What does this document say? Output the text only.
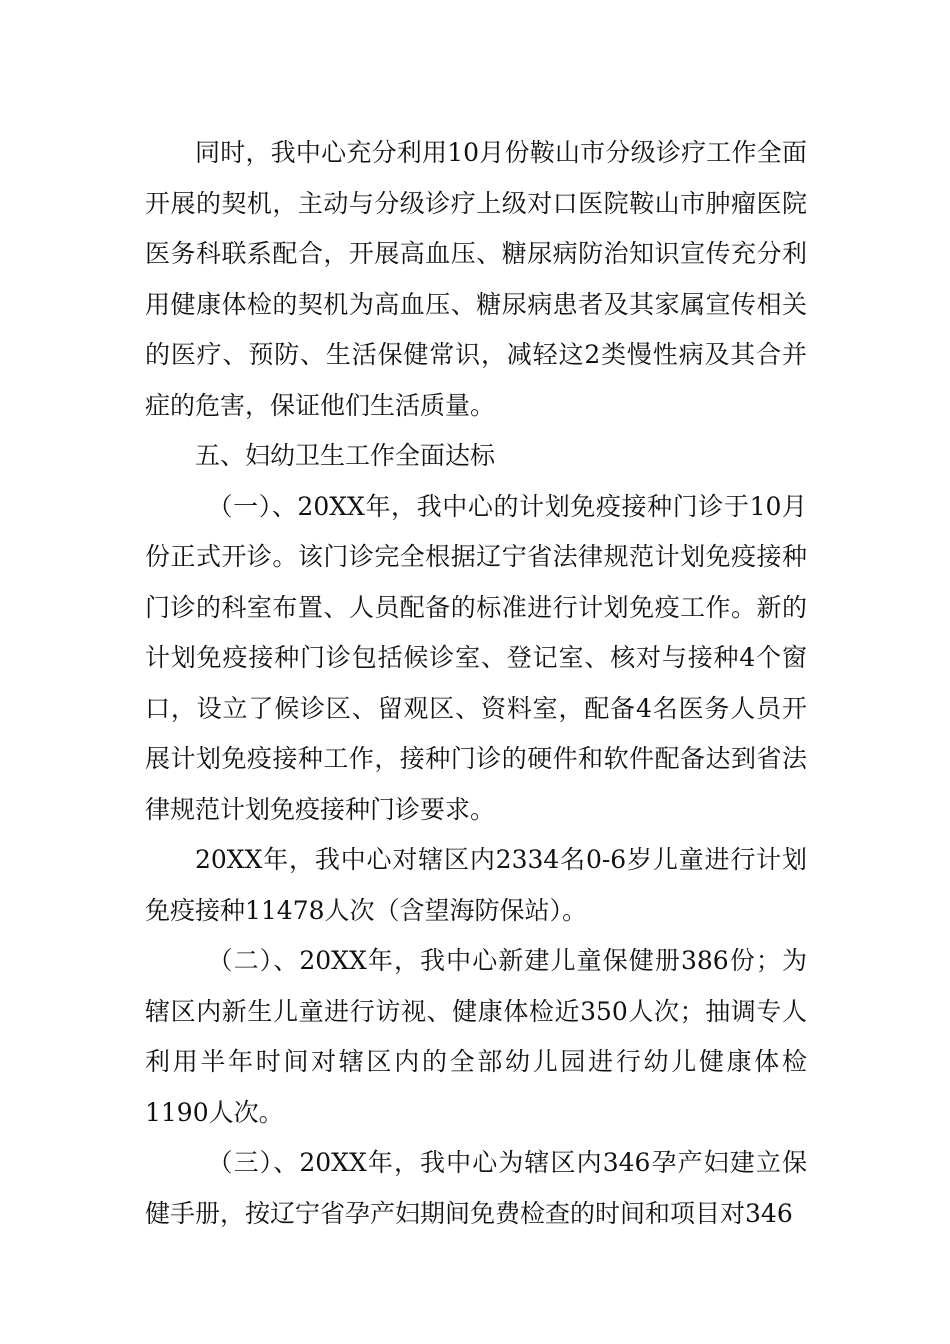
同时，我中心充分利用10月份鞍山市分级诊疗工作全面开展的契机，主动与分级诊疗上级对口医院鞍山市肿瘤医院医务科联系配合，开展高血压、糖尿病防治知识宣传充分利用健康体检的契机为高血压、糖尿病患者及其家属宣传相关的医疗、预防、生活保健常识，减轻这2类慢性病及其合并症的危害，保证他们生活质量。

五、妇幼卫生工作全面达标

（一）、20XX年，我中心的计划免疫接种门诊于10月份正式开诊。该门诊完全根据辽宁省法律规范计划免疫接种门诊的科室布置、人员配备的标准进行计划免疫工作。新的计划免疫接种门诊包括候诊室、登记室、核对与接种4个窗口，设立了候诊区、留观区、资料室，配备4名医务人员开展计划免疫接种工作，接种门诊的硬件和软件配备达到省法律规范计划免疫接种门诊要求。

20XX年，我中心对辖区内2334名0-6岁儿童进行计划免疫接种11478人次（含望海防保站）。

（二）、20XX年，我中心新建儿童保健册386份；为辖区内新生儿童进行访视、健康体检近350人次；抽调专人利用半年时间对辖区内的全部幼儿园进行幼儿健康体检1190人次。

（三）、20XX年，我中心为辖区内346孕产妇建立保健手册，按辽宁省孕产妇期间免费检查的时间和项目对346
